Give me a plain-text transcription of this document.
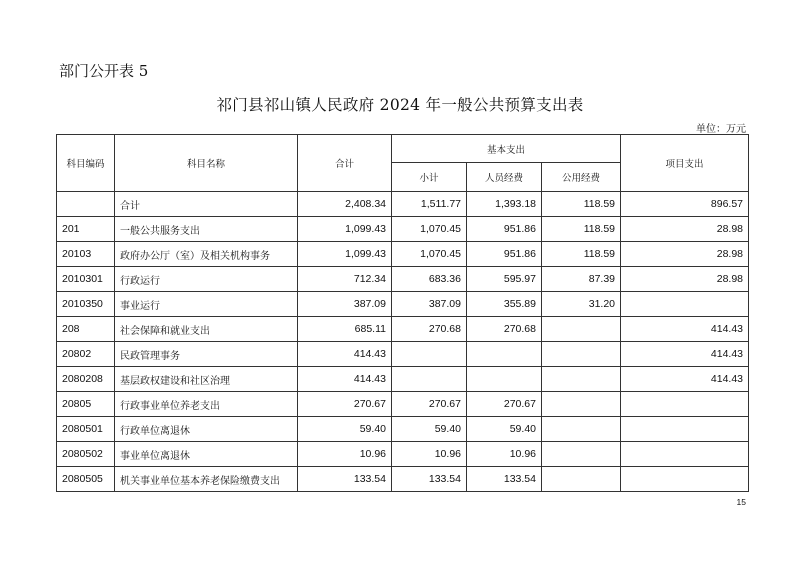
部门公开表 5
祁门县祁山镇人民政府 2024 年一般公共预算支出表
单位：万元
科目编码	科目名称	合计	基本支出			项目支出
			小计	人员经费	公用经费	
	合计	2,408.34	1,511.77	1,393.18	118.59	896.57
201	一般公共服务支出	1,099.43	1,070.45	951.86	118.59	28.98
20103	政府办公厅（室）及相关机构事务	1,099.43	1,070.45	951.86	118.59	28.98
2010301	行政运行	712.34	683.36	595.97	87.39	28.98
2010350	事业运行	387.09	387.09	355.89	31.20	
208	社会保障和就业支出	685.11	270.68	270.68		414.43
20802	民政管理事务	414.43				414.43
2080208	基层政权建设和社区治理	414.43				414.43
20805	行政事业单位养老支出	270.67	270.67	270.67		
2080501	行政单位离退休	59.40	59.40	59.40		
2080502	事业单位离退休	10.96	10.96	10.96		
2080505	机关事业单位基本养老保险缴费支出	133.54	133.54	133.54		
15
